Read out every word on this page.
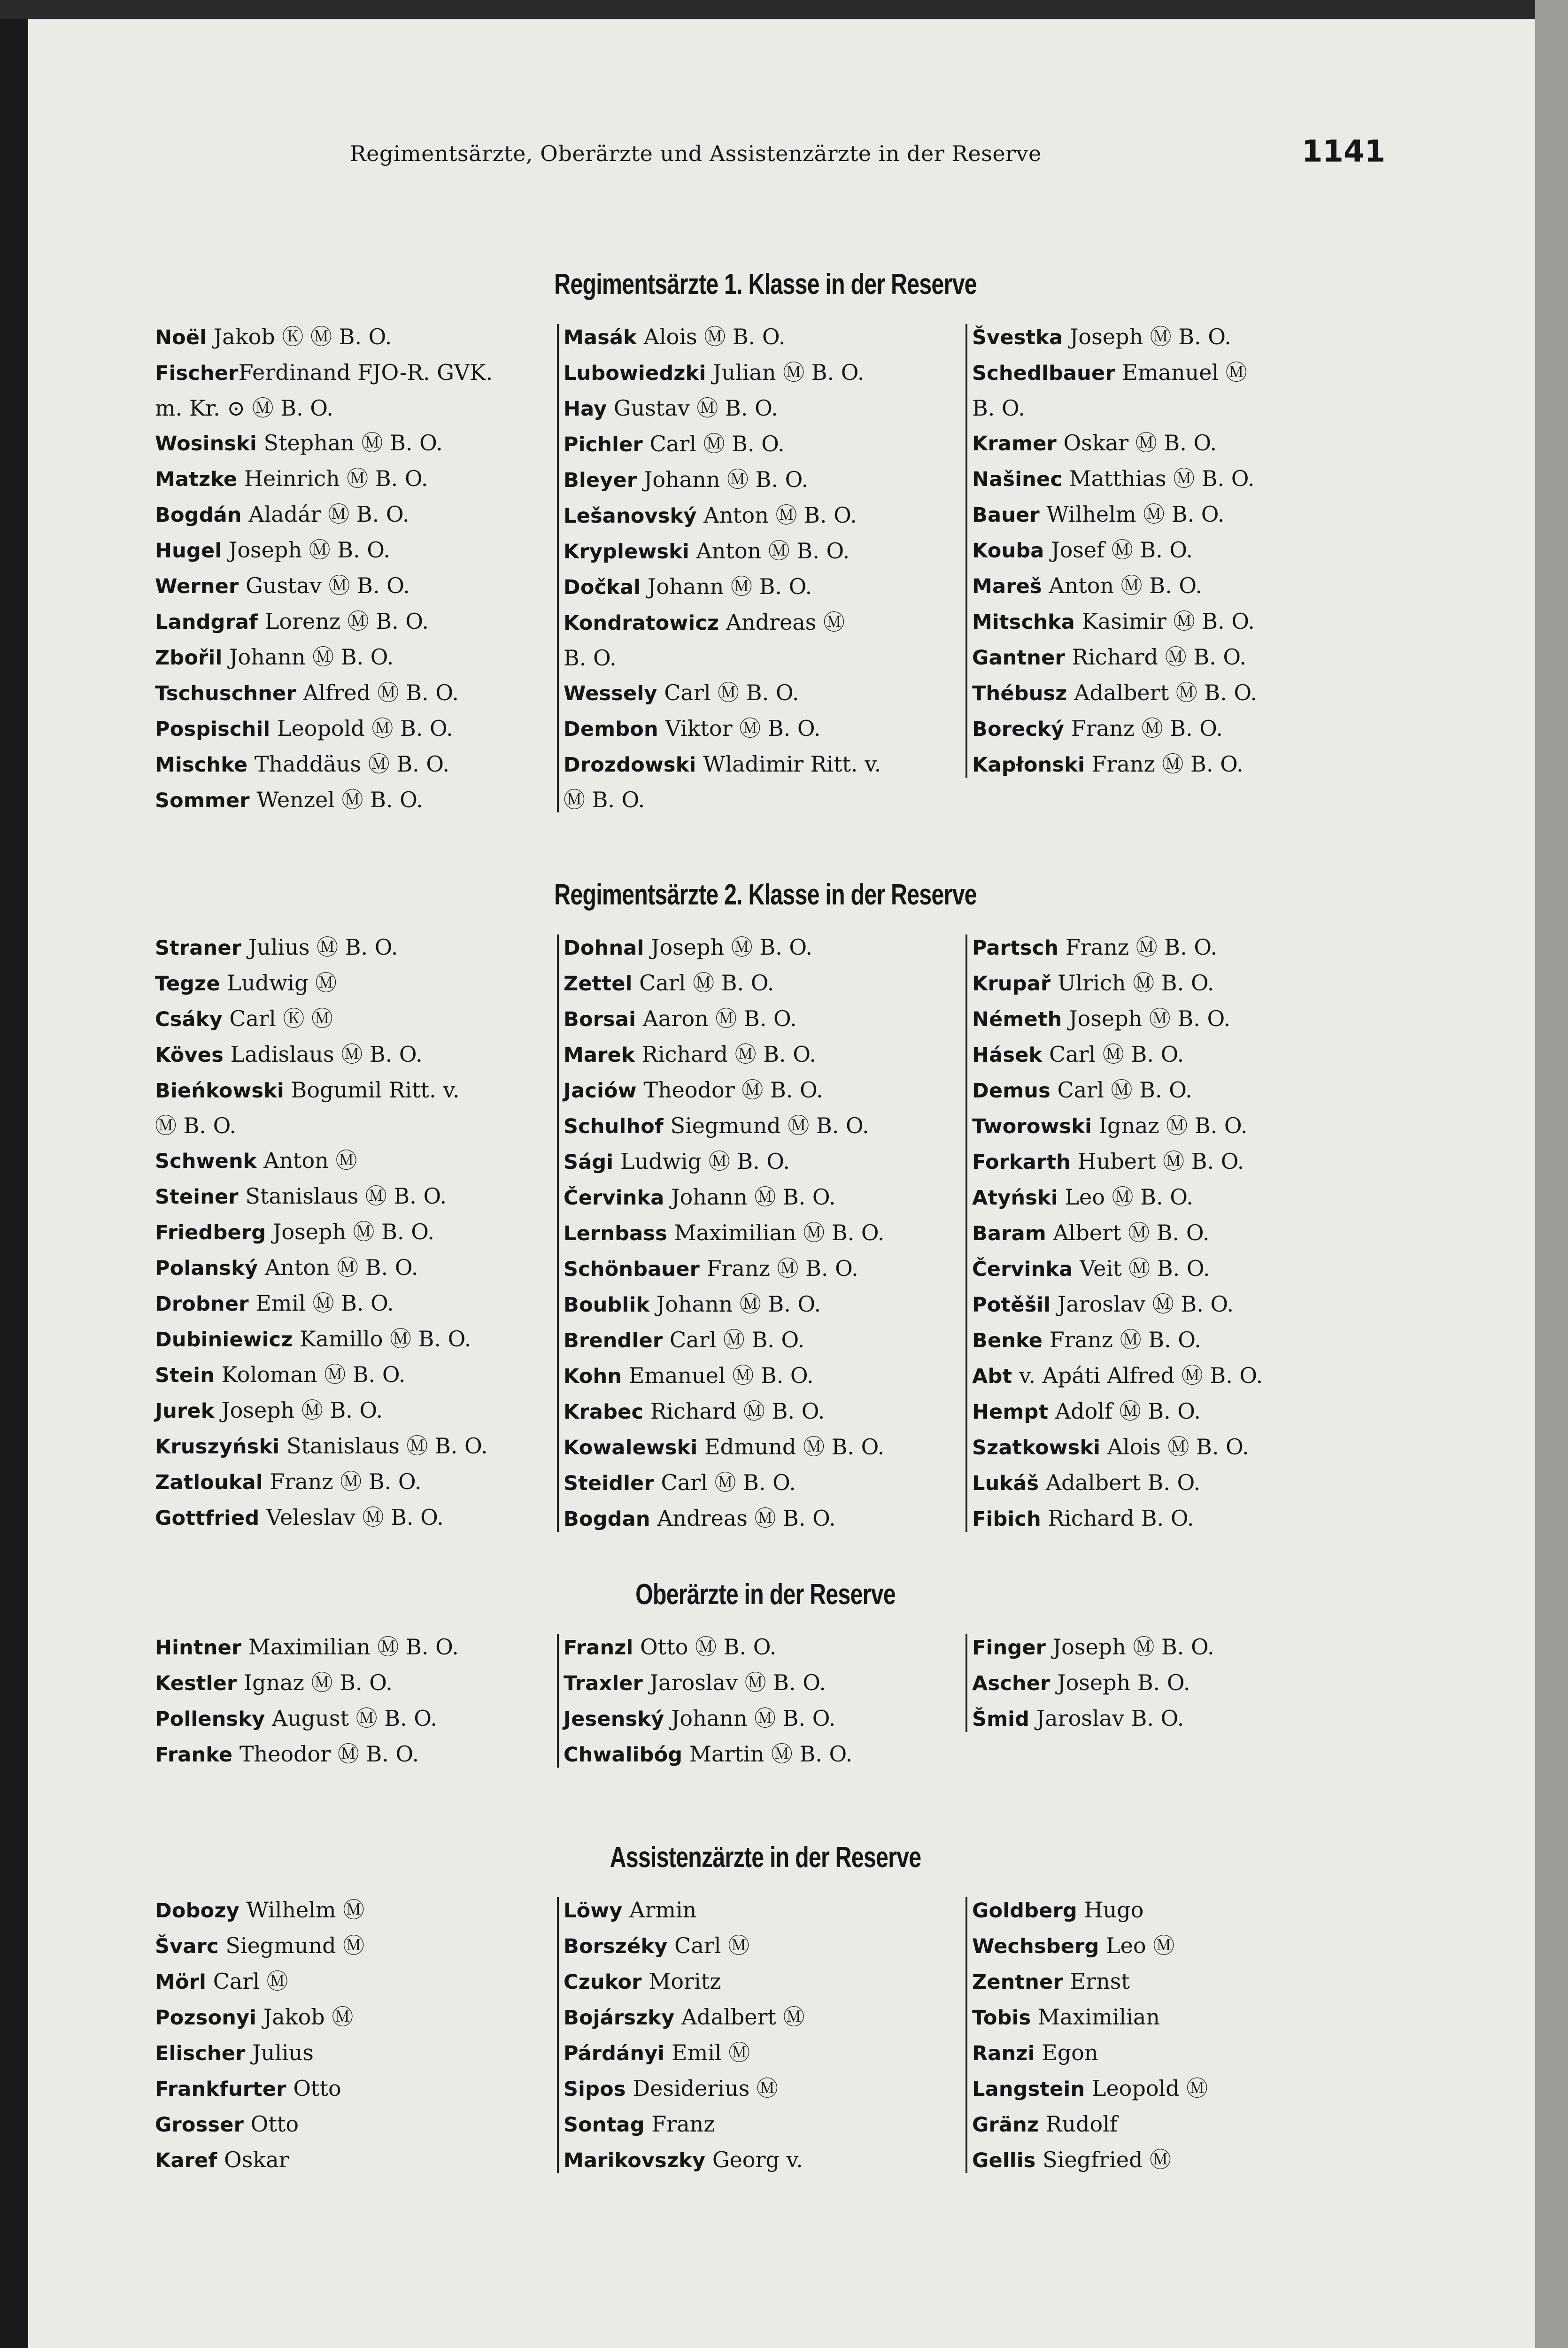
Regimentsärzte, Oberärzte und Assistenzärzte in der Reserve	1141
Regimentsärzte 1. Klasse in der Reserve
Noël Jakob Ⓚ Ⓜ B. O.
FischerFerdinand FJO-R. GVK.
m. Kr. ⊙ Ⓜ B. O.
Wosinski Stephan Ⓜ B. O.
Matzke Heinrich Ⓜ B. O.
Bogdán Aladár Ⓜ B. O.
Hugel Joseph Ⓜ B. O.
Werner Gustav Ⓜ B. O.
Landgraf Lorenz Ⓜ B. O.
Zbořil Johann Ⓜ B. O.
Tschuschner Alfred Ⓜ B. O.
Pospischil Leopold Ⓜ B. O.
Mischke Thaddäus Ⓜ B. O.
Sommer Wenzel Ⓜ B. O.
Masák Alois Ⓜ B. O.
Lubowiedzki Julian Ⓜ B. O.
Hay Gustav Ⓜ B. O.
Pichler Carl Ⓜ B. O.
Bleyer Johann Ⓜ B. O.
Lešanovský Anton Ⓜ B. O.
Kryplewski Anton Ⓜ B. O.
Dočkal Johann Ⓜ B. O.
Kondratowicz Andreas Ⓜ
B. O.
Wessely Carl Ⓜ B. O.
Dembon Viktor Ⓜ B. O.
Drozdowski Wladimir Ritt. v.
Ⓜ B. O.
Švestka Joseph Ⓜ B. O.
Schedlbauer Emanuel Ⓜ
B. O.
Kramer Oskar Ⓜ B. O.
Našinec Matthias Ⓜ B. O.
Bauer Wilhelm Ⓜ B. O.
Kouba Josef Ⓜ B. O.
Mareš Anton Ⓜ B. O.
Mitschka Kasimir Ⓜ B. O.
Gantner Richard Ⓜ B. O.
Thébusz Adalbert Ⓜ B. O.
Borecký Franz Ⓜ B. O.
Kapłonski Franz Ⓜ B. O.
Regimentsärzte 2. Klasse in der Reserve
Straner Julius Ⓜ B. O.
Tegze Ludwig Ⓜ
Csáky Carl Ⓚ Ⓜ
Köves Ladislaus Ⓜ B. O.
Bieńkowski Bogumil Ritt. v.
Ⓜ B. O.
Schwenk Anton Ⓜ
Steiner Stanislaus Ⓜ B. O.
Friedberg Joseph Ⓜ B. O.
Polanský Anton Ⓜ B. O.
Drobner Emil Ⓜ B. O.
Dubiniewicz Kamillo Ⓜ B. O.
Stein Koloman Ⓜ B. O.
Jurek Joseph Ⓜ B. O.
Kruszyński Stanislaus Ⓜ B. O.
Zatloukal Franz Ⓜ B. O.
Gottfried Veleslav Ⓜ B. O.
Dohnal Joseph Ⓜ B. O.
Zettel Carl Ⓜ B. O.
Borsai Aaron Ⓜ B. O.
Marek Richard Ⓜ B. O.
Jaciów Theodor Ⓜ B. O.
Schulhof Siegmund Ⓜ B. O.
Sági Ludwig Ⓜ B. O.
Červinka Johann Ⓜ B. O.
Lernbass Maximilian Ⓜ B. O.
Schönbauer Franz Ⓜ B. O.
Boublik Johann Ⓜ B. O.
Brendler Carl Ⓜ B. O.
Kohn Emanuel Ⓜ B. O.
Krabec Richard Ⓜ B. O.
Kowalewski Edmund Ⓜ B. O.
Steidler Carl Ⓜ B. O.
Bogdan Andreas Ⓜ B. O.
Partsch Franz Ⓜ B. O.
Krupař Ulrich Ⓜ B. O.
Németh Joseph Ⓜ B. O.
Hásek Carl Ⓜ B. O.
Demus Carl Ⓜ B. O.
Tworowski Ignaz Ⓜ B. O.
Forkarth Hubert Ⓜ B. O.
Atyński Leo Ⓜ B. O.
Baram Albert Ⓜ B. O.
Červinka Veit Ⓜ B. O.
Potěšil Jaroslav Ⓜ B. O.
Benke Franz Ⓜ B. O.
Abt v. Apáti Alfred Ⓜ B. O.
Hempt Adolf Ⓜ B. O.
Szatkowski Alois Ⓜ B. O.
Lukáš Adalbert B. O.
Fibich Richard B. O.
Oberärzte in der Reserve
Hintner Maximilian Ⓜ B. O.
Kestler Ignaz Ⓜ B. O.
Pollensky August Ⓜ B. O.
Franke Theodor Ⓜ B. O.
Franzl Otto Ⓜ B. O.
Traxler Jaroslav Ⓜ B. O.
Jesenský Johann Ⓜ B. O.
Chwalibóg Martin Ⓜ B. O.
Finger Joseph Ⓜ B. O.
Ascher Joseph B. O.
Šmid Jaroslav B. O.
Assistenzärzte in der Reserve
Dobozy Wilhelm Ⓜ
Švarc Siegmund Ⓜ
Mörl Carl Ⓜ
Pozsonyi Jakob Ⓜ
Elischer Julius
Frankfurter Otto
Grosser Otto
Karef Oskar
Löwy Armin
Borszéky Carl Ⓜ
Czukor Moritz
Bojárszky Adalbert Ⓜ
Párdányi Emil Ⓜ
Sipos Desiderius Ⓜ
Sontag Franz
Marikovszky Georg v.
Goldberg Hugo
Wechsberg Leo Ⓜ
Zentner Ernst
Tobis Maximilian
Ranzi Egon
Langstein Leopold Ⓜ
Gränz Rudolf
Gellis Siegfried Ⓜ
